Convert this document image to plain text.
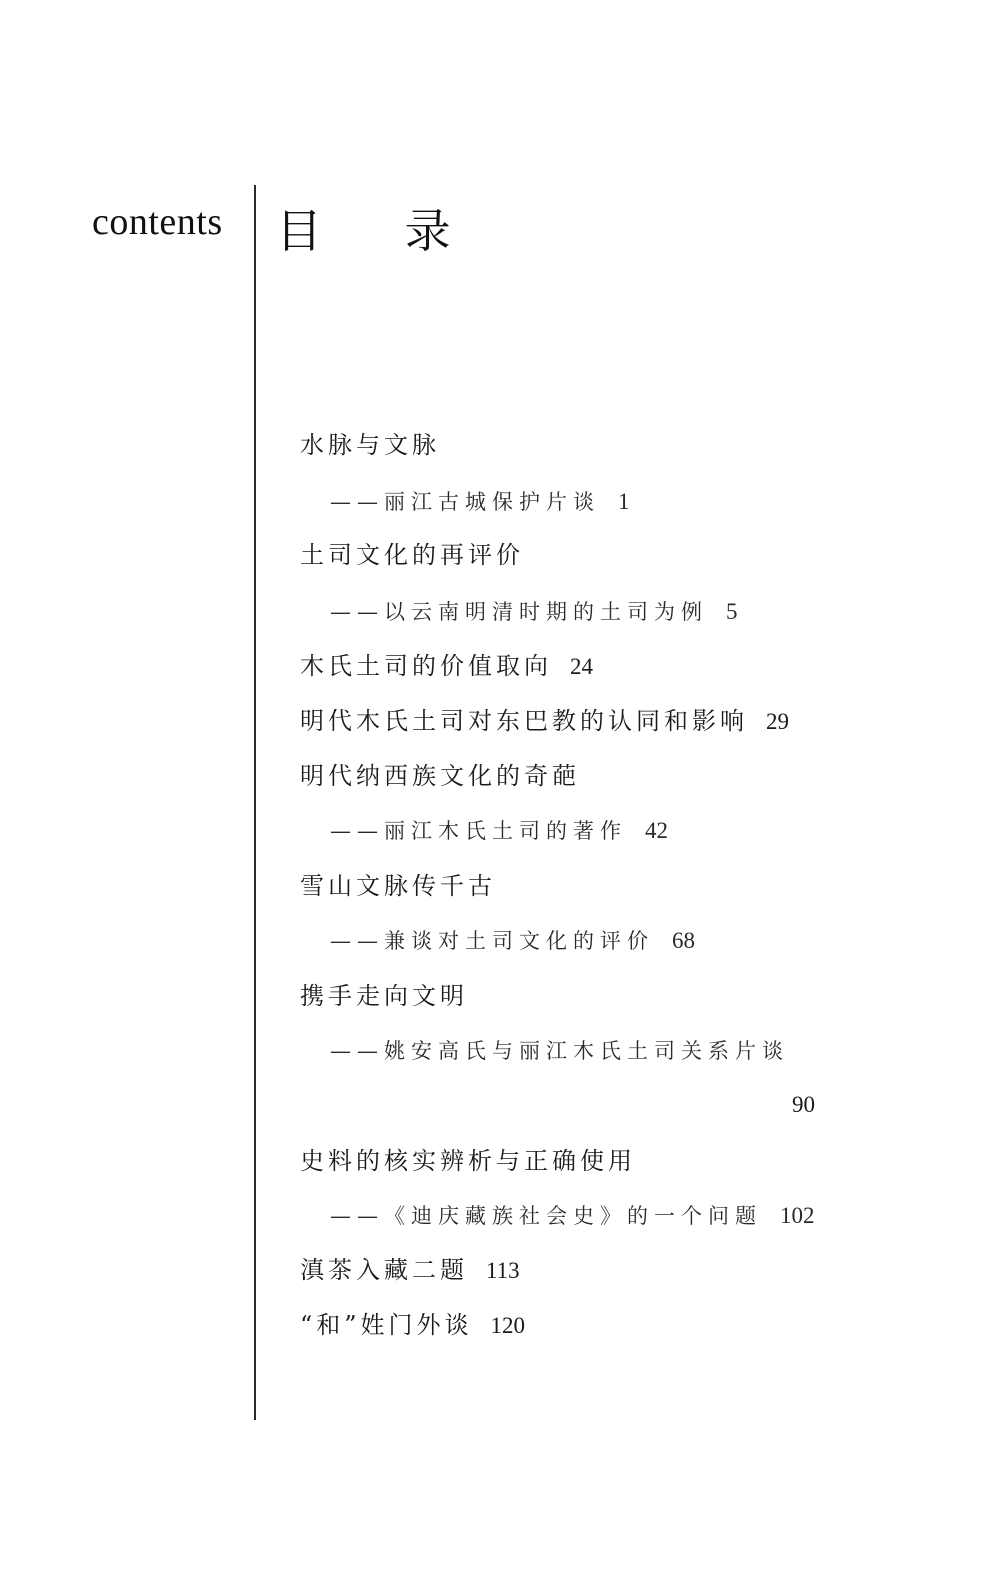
contents 目 录
水脉与文脉
——丽江古城保护片谈 1
土司文化的再评价
——以云南明清时期的土司为例 5
木氏土司的价值取向 24
明代木氏土司对东巴教的认同和影响 29
明代纳西族文化的奇葩
——丽江木氏土司的著作 42
雪山文脉传千古
——兼谈对土司文化的评价 68
携手走向文明
——姚安高氏与丽江木氏土司关系片谈
90
史料的核实辨析与正确使用
——《迪庆藏族社会史》的一个问题 102
滇茶入藏二题 113
“和”姓门外谈 120
